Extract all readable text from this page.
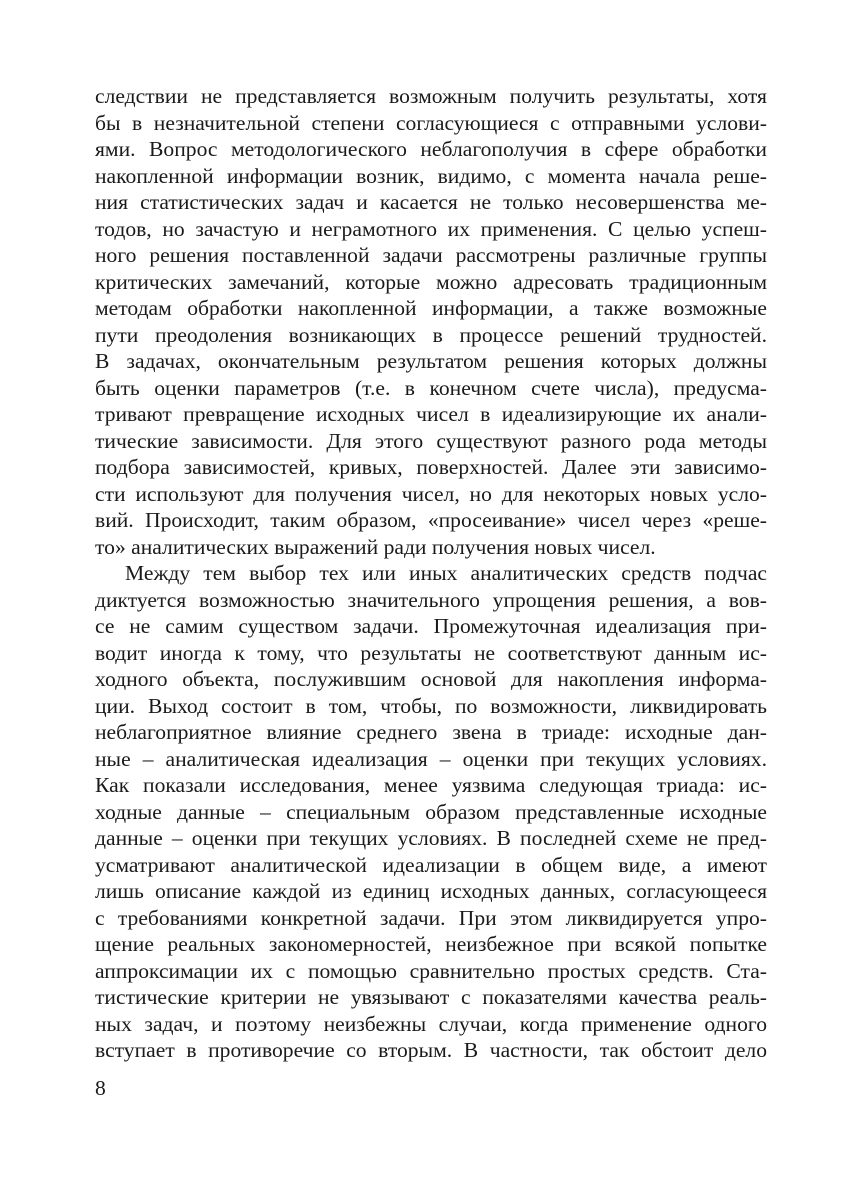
следствии не представляется возможным получить результаты, хотя
бы в незначительной степени согласующиеся с отправными услови-
ями. Вопрос методологического неблагополучия в сфере обработки
накопленной информации возник, видимо, с момента начала реше-
ния статистических задач и касается не только несовершенства ме-
тодов, но зачастую и неграмотного их применения. С целью успеш-
ного решения поставленной задачи рассмотрены различные группы
критических замечаний, которые можно адресовать традиционным
методам обработки накопленной информации, а также возможные
пути преодоления возникающих в процессе решений трудностей.
В задачах, окончательным результатом решения которых должны
быть оценки параметров (т.е. в конечном счете числа), предусма-
тривают превращение исходных чисел в идеализирующие их анали-
тические зависимости. Для этого существуют разного рода методы
подбора зависимостей, кривых, поверхностей. Далее эти зависимо-
сти используют для получения чисел, но для некоторых новых усло-
вий. Происходит, таким образом, «просеивание» чисел через «реше-
то» аналитических выражений ради получения новых чисел.
Между тем выбор тех или иных аналитических средств подчас
диктуется возможностью значительного упрощения решения, а вов-
се не самим существом задачи. Промежуточная идеализация при-
водит иногда к тому, что результаты не соответствуют данным ис-
ходного объекта, послужившим основой для накопления информа-
ции. Выход состоит в том, чтобы, по возможности, ликвидировать
неблагоприятное влияние среднего звена в триаде: исходные дан-
ные – аналитическая идеализация – оценки при текущих условиях.
Как показали исследования, менее уязвима следующая триада: ис-
ходные данные – специальным образом представленные исходные
данные – оценки при текущих условиях. В последней схеме не пред-
усматривают аналитической идеализации в общем виде, а имеют
лишь описание каждой из единиц исходных данных, согласующееся
с требованиями конкретной задачи. При этом ликвидируется упро-
щение реальных закономерностей, неизбежное при всякой попытке
аппроксимации их с помощью сравнительно простых средств. Ста-
тистические критерии не увязывают с показателями качества реаль-
ных задач, и поэтому неизбежны случаи, когда применение одного
вступает в противоречие со вторым. В частности, так обстоит дело
8
